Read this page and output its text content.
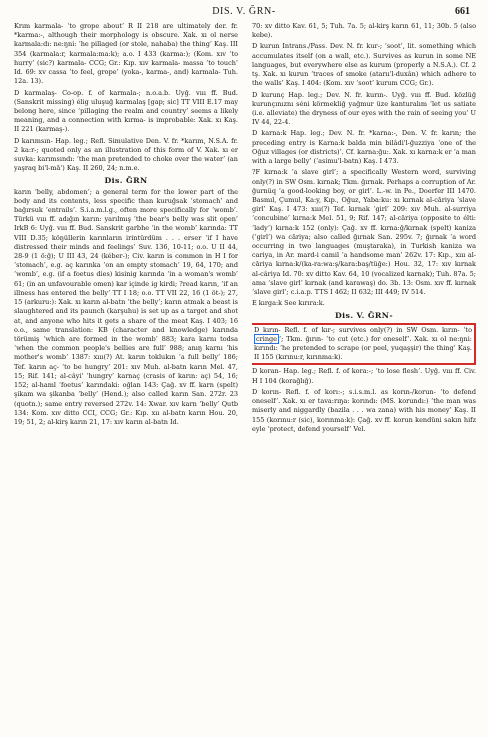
DIS. V. ĞRN-	661

Krım karmala- ‘to grope about’ R II 218 are ultimately der. fr. *karma:-, although their morphology is obscure. Xak. xı ol nerse karmala:dı: ne:ŋni: ‘he pillaged (or stole, nahaba) the thing’ Kaş. III 354 (karmala:r, karmala:ma:k); a.o. I 433 (karma:); (Kom. xıv ‘to hurry’ (sic?) karmala- CCG; Gr.: Kıp. xıv karmala- massa ‘to touch’ Id. 69: xv cassa ‘to feel, grope’ (yoka-, karma-, and) karmala- Tuh. 12a. 13).

D karmalaş- Co-op. f. of karmala-; n.o.a.b. Uyğ. vııı ff. Bud. (Sanskrit missing) élig uluşuğ karmalaş [gap; sic] TT VIII E.17 may belong here, since ‘pillaging the realm and country’ seems a likely meaning, and a connection with kırma- is improbable: Xak. xı Kaş. II 221 (karmaş-).

D karımsın- Hap. leg.; Refl. Simulative Den. V. fr. *karım, N.S.A. fr. 2 ka:r-; quoted only as an illustration of this form of V. Xak. xı er suvka: karımsındı: ‘the man pretended to choke over the water’ (an yaşraq bi'l-mā') Kaş. II 260, 24; n.m.e.

Dis. ĞRN

karın ‘belly, abdomen’; a general term for the lower part of the body and its contents, less specific than kuruğsak ‘stomach’ and bağırsuk ‘entrails’. S.i.a.m.l.g., often more specifically for ‘womb’. Türkü vııı ff. adığın karın: yarılmış ‘the bear's belly was slit open’ IrkB 6: Uyğ. vııı ff. Bud. Sanskrit garbhe ‘in the womb’ karında: TT VIII D.35; köŋüllerin karınların irintürdüm . . . erser ‘if I have distressed their minds and feelings’ Suv. 136, 10-11; o.o. U II 44, 28-9 (1 ö:ğ); U III 43, 24 (kéber-); Civ. karın is common in H I for ‘stomach’, e.g. aç karınka ‘on an empty stomach’ 19, 64, 170; and ‘womb’, e.g. (if a foetus dies) kisinig karında ‘in a woman's womb’ 61; (in an unfavourable omen) kar içinde ig kirdi; ?read karın, ‘if an illness has entered the belly’ TT I 18; o.o. TT VII 22, 16 (1 öt-); 27, 15 (arkuru:): Xak. xı karın al-batn ‘the belly’; karın atmak a beast is slaughtered and its paunch (karşuhu) is set up as a target and shot at, and anyone who hits it gets a share of the meat Kaş. I 403; 16 o.o., same translation: KB (character and knowledge) karında törümiş ‘which are formed in the womb’ 883; kara karnı todsa ‘when the common people's bellies are full’ 988; anıŋ karnı ‘his mother's womb’ 1387: xııı(?) At. karın toklukın ‘a full belly’ 186; Tef. karın aç- ‘to be hungry’ 201: xıv Muh. al-batn karın Mel. 47, 15; Rif. 141; al-câyi' ‘hungry’ karnaç (crasis of karın: aç) 54, 16; 152; al-haml ‘foetus’ karındaki: oğlan 143: Çağ. xv ff. karn (spelt) şikam wa şikanba ‘belly’ (Hend.); also called karın San. 272r. 23 (quotn.); same entry reversed 272v. 14: Xwar. xıv karn ‘belly’ Qutb 134: Kom. xıv ditto CCI, CCG; Gr.: Kıp. xıı al-batn karın Hou. 20, 19; 51, 2; al-kirş karın 21, 17: xıv karın al-batn Id.

70: xv ditto Kav. 61, 5; Tuh. 7a. 5; al-kirş karın 61, 11; 30b. 5 (also kebe).

D kurun Intrans./Pass. Dev. N. fr. kur-; ‘soot’, lit. something which accumulates itself (on a wall, etc.). Survives as kurun in some NE languages, but everywhere else as kurum (properly a N.S.A.). Cf. 2 tş. Xak. xı kurun ‘traces of smoke (atarıı'l-duxân) which adhere to the walls’ Kaş. I 404: (Kom. xıv ‘soot’ kurum CCG; Gr.).

D kurunç Hap. leg.; Dev. N. fr. kurın-. Uyğ. vııı ff. Bud. közlüğ kurunçınıznı séni körmekliğ yağmur üze kanturalım ‘let us satiate (i.e. alleviate) the dryness of our eyes with the rain of seeing you’ U IV 44, 22-4.

D karna:k Hap. leg.; Dev. N. fr. *karna:-, Den. V. fr. karın; the preceding entry is Karna:k balda min bilâdi'l-ğuzziya ‘one of the Oğuz villages (or districts)’. Cf. karna:ğu:. Xak. xı karna:k er ‘a man with a large belly’ (‘asimu'l-batn) Kaş. I 473.

?F kırna:k ‘a slave girl’; a specifically Western word, surviving only(?) in SW Osm. kırnak; Tkm. ğırnak. Perhaps a corruption of Ar. ğurnüq ‘a good-looking boy, or girl’. L.-w. in Pe., Doerfer III 1470. Basmıl, Çumul, Ka:y, Kıp., Oğuz, Yaba:ku: xı kırnak al-cāriya ‘slave girl’ Kaş. I 473: xııı(?) Tef. kırnak ‘girl’ 209: xıv Muh. al-surriya ‘concubine’ kırna:k Mel. 51, 9; Rif. 147; al-cāriya (opposite to élti: ‘lady’) kırna:k 152 (only): Çağ. xv ff. kırna:ğ/kırnak (spelt) kaniza (‘girl’) wa cāriya; also called ğırnak San. 295v. 7; ğırnak ‘a word occurring in two languages (muştaraka), in Turkish kaniza wa cariya, in Ar. mard-i camil ‘a handsome man’ 262v. 17: Kıp., xııı al-cāriya kırna:k/(ka-ra:wa:ş/kara:baş/tüğe:) Hou. 32, 17: xıv kırnak al-câriya Id. 70: xv ditto Kav. 64, 10 (vocalized karnak); Tuh. 87a. 5; ama ‘slave girl’ kırnak (and karawaş) do. 3b. 13: Osm. xıv ff. kırnak ‘slave girl’; c.i.a.p. TTS I 462; II 632; III 449; IV 514.

E kırga:k See kırıra:k.

Dis. V. ĞRN-

D kırın- Refl. f. of kır-; survives only(?) in SW Osm. kırın- ‘to cringe ’; Tkm. ğırın- ‘to cut (etc.) for oneself’. Xak. xı ol ne:ŋni: kırındı: ‘he pretended to scrape (or peel, yuqaşşir) the thing’ Kaş. II 155 (kırınu:r, kırınma:k).

D koran- Hap. leg.; Refl. f. of kora:-; ‘to lose flesh’. Uyğ. vııı ff. Civ. H I 104 (korağlığ).

D korın- Refl. f. of korı:-; s.i.s.m.l. as korın-/korun- ‘to defend oneself’. Xak. xı er tava:rıŋa: korındı: (MS. korundı:) ‘the man was miserly and niggardly (bazila . . . wa zana) with his money’ Kaş. II 155 (korınu:r (sic), korınma:k): Çağ. xv ff. korun kendüni sakın hifz eyle ‘protect, defend yourself’ Vel.
